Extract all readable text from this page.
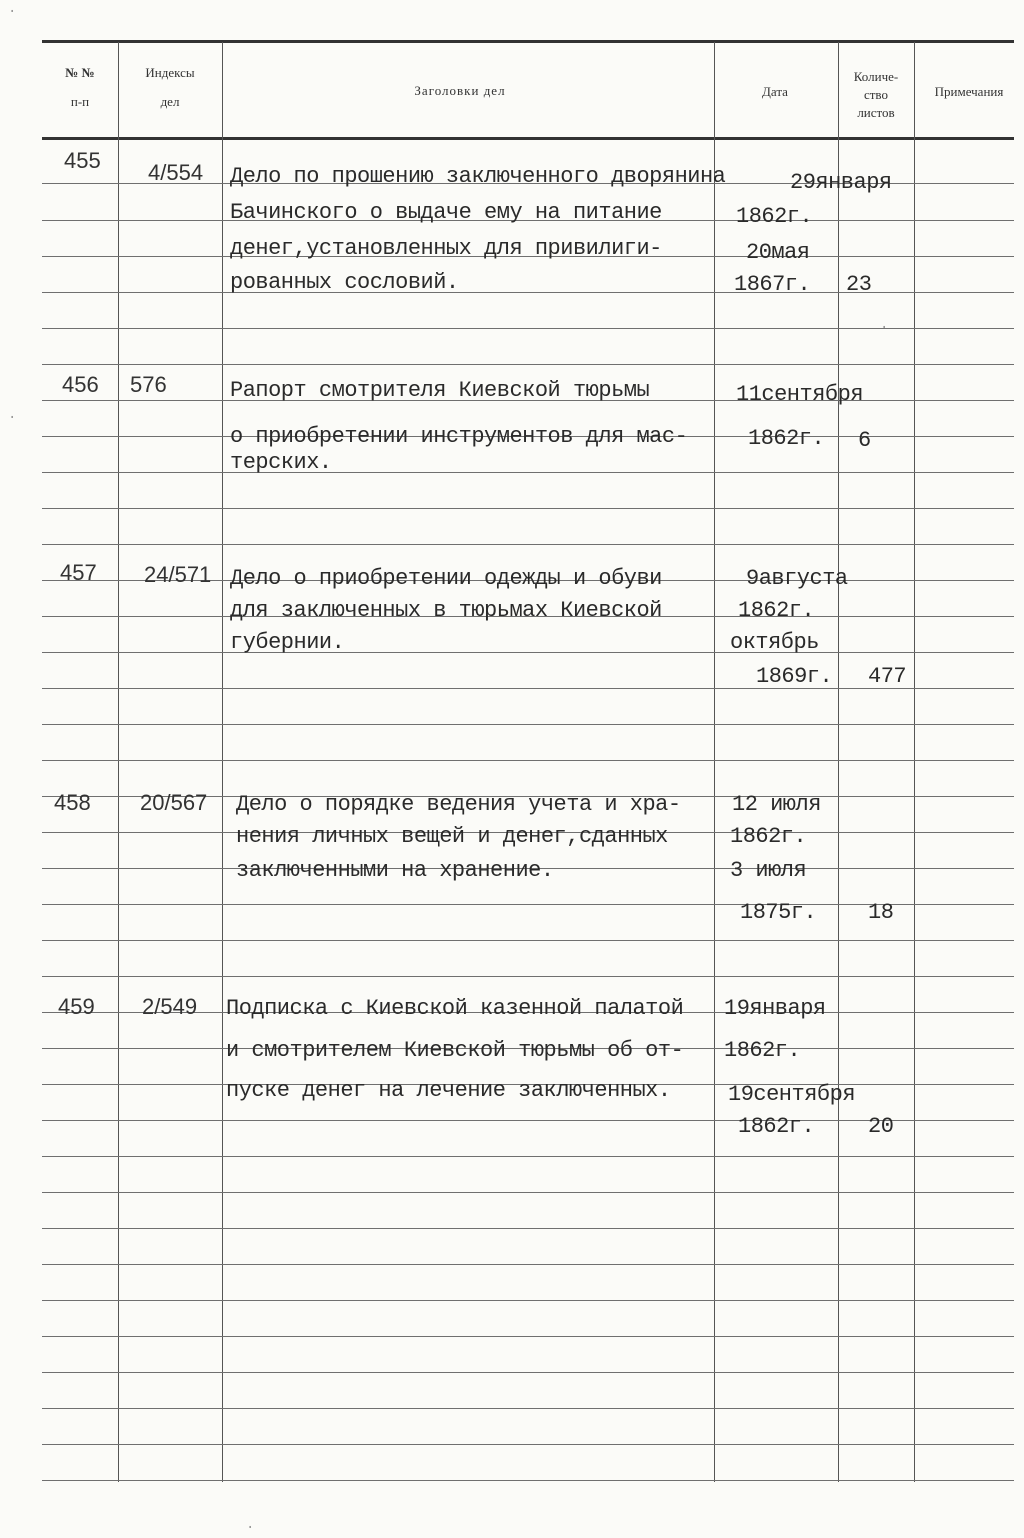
№ №
п-п
Индексы
дел
Заголовки дел	Дата
Количе-
ство
листов
Примечания
455 4/554 Дело по прошению заключенного дворянина
Бачинского о выдаче ему на питание
денег,установленных для привилиги-
рованных сословий.
29января
1862г.
20мая
1867г. 23
456 576	Рапорт смотрителя Киевской тюрьмы
о приобретении инструментов для мас-
терских.
11сентября
1862г. 6
457 24/571 Дело о приобретении одежды и обуви
для заключенных в тюрьмах Киевской
губернии.
9августа
1862г.
октябрь
1869г. 477
458 20/567 Дело о порядке ведения учета и хра-
нения личных вещей и денег,сданных
заключенными на хранение.
12 июля
1862г.
3 июля
1875г. 18
459 2/549 Подписка с Киевской казенной палатой
и смотрителем Киевской тюрьмы об от-
пуске денег на лечение заключенных.
19января
1862г.
19сентября
1862г. 20
·
·
·
·
